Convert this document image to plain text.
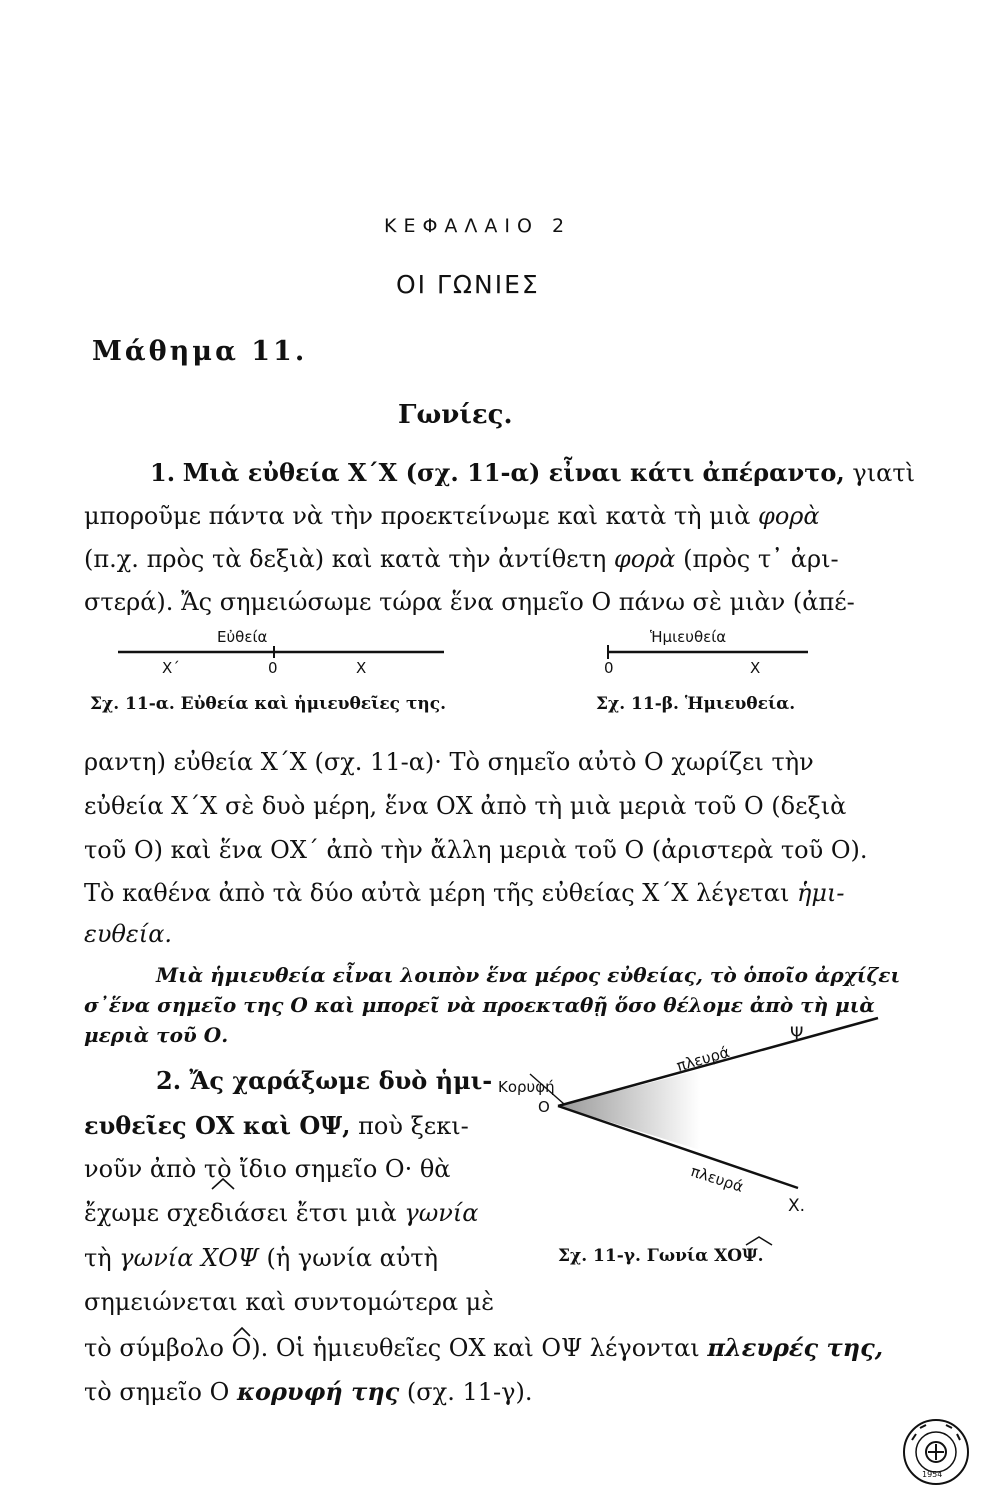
ΚΕΦΑΛΑΙΟ 2
ΟΙ ΓΩΝΙΕΣ
Μάθημα 11.
Γωνίες.
1. Μιὰ εὐθεία Χ΄Χ (σχ. 11-α) εἶναι κάτι ἀπέραντο, γιατὶ
μποροῦμε πάντα νὰ τὴν προεκτείνωμε καὶ κατὰ τὴ μιὰ φορὰ
(π.χ. πρὸς τὰ δεξιὰ) καὶ κατὰ τὴν ἀντίθετη φορὰ (πρὸς τ᾿ ἀρι-
στερά). Ἄς σημειώσωμε τώρα ἕνα σημεῖο Ο πάνω σὲ μιὰν (ἀπέ-
Εὐθεία
Χ΄	0	Χ
Σχ. 11-α. Εὐθεία καὶ ἡμιευθεῖες της.
Ἡμιευθεία
0	Χ
Σχ. 11-β. Ἡμιευθεία.
ραντη) εὐθεία Χ΄Χ (σχ. 11-α)· Τὸ σημεῖο αὐτὸ Ο χωρίζει τὴν
εὐθεία Χ΄Χ σὲ δυὸ μέρη, ἕνα ΟΧ ἀπὸ τὴ μιὰ μεριὰ τοῦ Ο (δεξιὰ
τοῦ Ο) καὶ ἕνα ΟΧ΄ ἀπὸ τὴν ἄλλη μεριὰ τοῦ Ο (ἀριστερὰ τοῦ Ο).
Τὸ καθένα ἀπὸ τὰ δύο αὐτὰ μέρη τῆς εὐθείας Χ΄Χ λέγεται ἡμι-
ευθεία.
Μιὰ ἡμιευθεία εἶναι λοιπὸν ἕνα μέρος εὐθείας, τὸ ὁποῖο ἀρχίζει
σ᾿ἕνα σημεῖο της Ο καὶ μπορεῖ νὰ προεκταθῇ ὅσο θέλομε ἀπὸ τὴ μιὰ
μεριὰ τοῦ Ο.
2. Ἄς χαράξωμε δυὸ ἡμι-
ευθεῖες ΟΧ καὶ ΟΨ, ποὺ ξεκι-
νοῦν ἀπὸ τὸ ἴδιο σημεῖο Ο· θὰ
ἔχωμε σχεδιάσει ἔτσι μιὰ γωνία
τὴ γωνία ΧΟΨ (ἡ γωνία αὐτὴ
σημειώνεται καὶ συντομώτερα μὲ
τὸ σύμβολο Ο
). Οἱ ἡμιευθεῖες ΟΧ καὶ ΟΨ λέγονται πλευρές της,
τὸ σημεῖο Ο κορυφή της (σχ. 11-γ).
Κορυφή
Ο
πλευρά
πλευρά
Ψ
Χ.
Σχ. 11-γ. Γωνία ΧΟΨ.
1954
